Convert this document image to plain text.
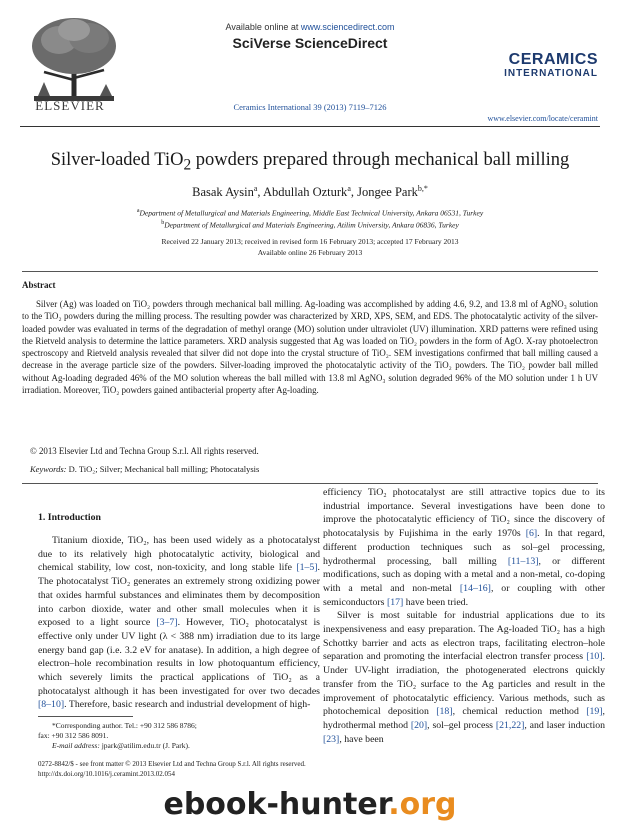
ELSEVIER
Available online at www.sciencedirect.com
SciVerse ScienceDirect
Ceramics International 39 (2013) 7119–7126
CERAMICS
INTERNATIONAL
www.elsevier.com/locate/ceramint
Silver-loaded TiO$_2$ powders prepared through mechanical ball milling
Basak Aysin$^a$, Abdullah Ozturk$^a$, Jongee Park$^{b,*}$
$^a$Department of Metallurgical and Materials Engineering, Middle East Technical University, Ankara 06531, Turkey
$^b$Department of Metallurgical and Materials Engineering, Atilim University, Ankara 06836, Turkey
Received 22 January 2013; received in revised form 16 February 2013; accepted 17 February 2013
Available online 26 February 2013
Abstract

Silver (Ag) was loaded on TiO₂ powders through mechanical ball milling. Ag-loading was accomplished by adding 4.6, 9.2, and 13.8 ml of AgNO₃ solution to the TiO₂ powders during the milling process. The resulting powder was characterized by XRD, XPS, SEM, and EDS. The photocatalytic activity of the silver-loaded powder was evaluated in terms of the degradation of methyl orange (MO) solution under ultraviolet (UV) illumination. XRD patterns were refined using the Rietveld analysis to determine the lattice parameters. XRD analysis suggested that Ag was loaded on TiO₂ powders in the form of AgO. X-ray photoelectron spectroscopy and Rietveld analysis revealed that silver did not dope into the crystal structure of TiO₂. SEM investigations confirmed that ball milling caused a decrease in the average particle size of the powders. Silver-loading improved the photocatalytic activity of the TiO₂ powders. The TiO₂ powder ball milled without Ag-loading degraded 46% of the MO solution whereas the ball milled with 13.8 ml AgNO₃ solution degraded 96% of the MO solution under 1 h UV irradiation. Moreover, TiO₂ powders gained antibacterial property after Ag-loading.

© 2013 Elsevier Ltd and Techna Group S.r.l. All rights reserved.
Keywords: D. TiO₂; Silver; Mechanical ball milling; Photocatalysis
1. Introduction

Titanium dioxide, TiO₂, has been used widely as a photocatalyst due to its relatively high photocatalytic activity, biological and chemical stability, low cost, non-toxicity, and long stable life [1–5]. The photocatalyst TiO₂ generates an extremely strong oxidizing power that oxides harmful substances and eliminates them by decomposition into carbon dioxide, water and other small molecules when it is exposed to a light source [3–7]. However, TiO₂ photocatalyst is effective only under UV light (λ < 388 nm) irradiation due to its large energy band gap (i.e. 3.2 eV for anatase). In addition, a high degree of electron–hole recombination results in low photoquantum efficiency, which severely limits the practical applications of TiO₂ as a photocatalyst although it has been investigated for over two decades [8–10]. Therefore, basic research and industrial development of high-

efficiency TiO₂ photocatalyst are still attractive topics due to its industrial importance. Several investigations have been done to improve the photocatalytic efficiency of TiO₂ since the discovery of photocatalysis by Fujishima in the early 1970s [6]. In that regard, different production techniques such as sol–gel processing, hydrothermal processing, ball milling [11–13], or different modifications, such as doping with a metal and a non-metal, co-doping with a metal and non-metal [14–16], or coupling with other semiconductors [17] have been tried.

Silver is most suitable for industrial applications due to its inexpensiveness and easy preparation. The Ag-loaded TiO₂ has a high Schottky barrier and acts as electron traps, facilitating electron–hole separation and promoting the interfacial electron transfer process [10]. Under UV-light irradiation, the photogenerated electrons quickly transfer from the TiO₂ surface to the Ag particles and result in the improvement of photocatalytic efficiency. Various methods, such as photochemical deposition [18], chemical reduction method [19], hydrothermal method [20], sol–gel process [21,22], and laser induction [23], have been

*Corresponding author. Tel.: +90 312 586 8786;

fax: +90 312 586 8091.

E-mail address: jpark@atilim.edu.tr (J. Park).

0272-8842/$ - see front matter © 2013 Elsevier Ltd and Techna Group S.r.l. All rights reserved.
http://dx.doi.org/10.1016/j.ceramint.2013.02.054
ebook-hunter.org
